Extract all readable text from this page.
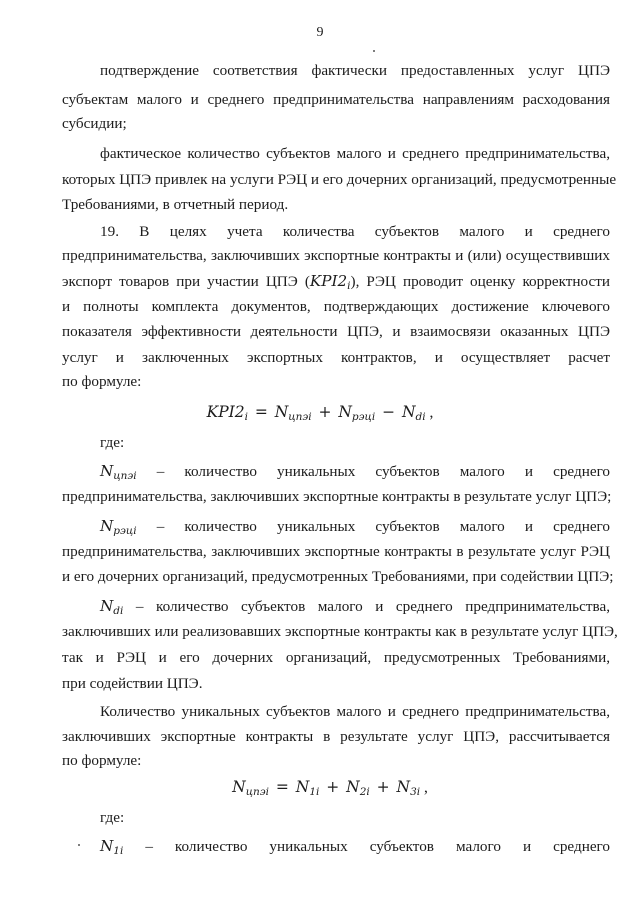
9
подтверждение соответствия фактически предоставленных услуг ЦПЭ
субъектам малого и среднего предпринимательства направлениям расходования
субсидии;
фактическое количество субъектов малого и среднего предпринимательства,
которых ЦПЭ привлек на услуги РЭЦ и его дочерних организаций, предусмотренные
Требованиями, в отчетный период.
19. В целях учета количества субъектов малого и среднего
предпринимательства, заключивших экспортные контракты и (или) осуществивших
экспорт товаров при участии ЦПЭ $(KPI2_i)$, РЭЦ проводит оценку корректности
и полноты комплекта документов, подтверждающих достижение ключевого
показателя эффективности деятельности ЦПЭ, и взаимосвязи оказанных ЦПЭ
услуг и заключенных экспортных контрактов, и осуществляет расчет
по формуле:
$KPI2_i = N_{цпэi} + N_{рэцi} - N_{di}$ ,
где:
$N_{цпэi}$ – количество уникальных субъектов малого и среднего
предпринимательства, заключивших экспортные контракты в результате услуг ЦПЭ;
$N_{рэцi}$ – количество уникальных субъектов малого и среднего
предпринимательства, заключивших экспортные контракты в результате услуг РЭЦ
и его дочерних организаций, предусмотренных Требованиями, при содействии ЦПЭ;
$N_{di}$ – количество субъектов малого и среднего предпринимательства,
заключивших или реализовавших экспортные контракты как в результате услуг ЦПЭ,
так и РЭЦ и его дочерних организаций, предусмотренных Требованиями,
при содействии ЦПЭ.
Количество уникальных субъектов малого и среднего предпринимательства,
заключивших экспортные контракты в результате услуг ЦПЭ, рассчитывается
по формуле:
$N_{цпэi} = N_{1i} + N_{2i} + N_{3i}$ ,
где:
$N_{1i}$ – количество уникальных субъектов малого и среднего
